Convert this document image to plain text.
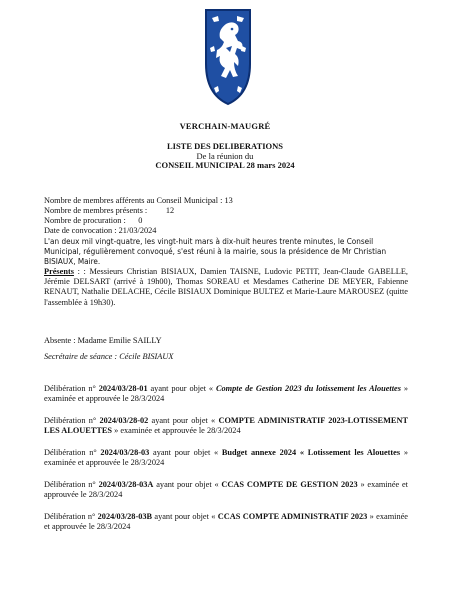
VERCHAIN-MAUGRÉ
LISTE DES DELIBERATIONS
De la réunion du
CONSEIL MUNICIPAL 28 mars 2024
Nombre de membres afférents au Conseil Municipal : 13
Nombre de membres présents :         12
Nombre de procuration :      0
Date de convocation : 21/03/2024
L'an deux mil vingt-quatre, les vingt-huit mars à dix-huit heures trente minutes, le Conseil Municipal, régulièrement convoqué, s'est réuni à la mairie, sous la présidence de Mr Christian BISIAUX, Maire.
Présents : : Messieurs Christian BISIAUX, Damien TAISNE, Ludovic PETIT, Jean-Claude GABELLE, Jérémie DELSART (arrivé à 19h00), Thomas SOREAU et Mesdames Catherine DE MEYER, Fabienne RENAUT, Nathalie DELACHE, Cécile BISIAUX Dominique BULTEZ et Marie-Laure MAROUSEZ (quitte l'assemblée à 19h30).
Absente : Madame Emilie SAILLY
Secrétaire de séance : Cécile BISIAUX
Délibération n° 2024/03/28-01 ayant pour objet « Compte de Gestion 2023 du lotissement les Alouettes » examinée et approuvée le 28/3/2024
Délibération n° 2024/03/28-02 ayant pour objet « COMPTE ADMINISTRATIF 2023-LOTISSEMENT LES ALOUETTES » examinée et approuvée le 28/3/2024
Délibération n° 2024/03/28-03 ayant pour objet « Budget annexe 2024 « Lotissement les Alouettes » examinée et approuvée le 28/3/2024
Délibération n° 2024/03/28-03A ayant pour objet « CCAS COMPTE DE GESTION 2023 » examinée et approuvée le 28/3/2024
Délibération n° 2024/03/28-03B ayant pour objet « CCAS COMPTE ADMINISTRATIF 2023 » examinée et approuvée le 28/3/2024
